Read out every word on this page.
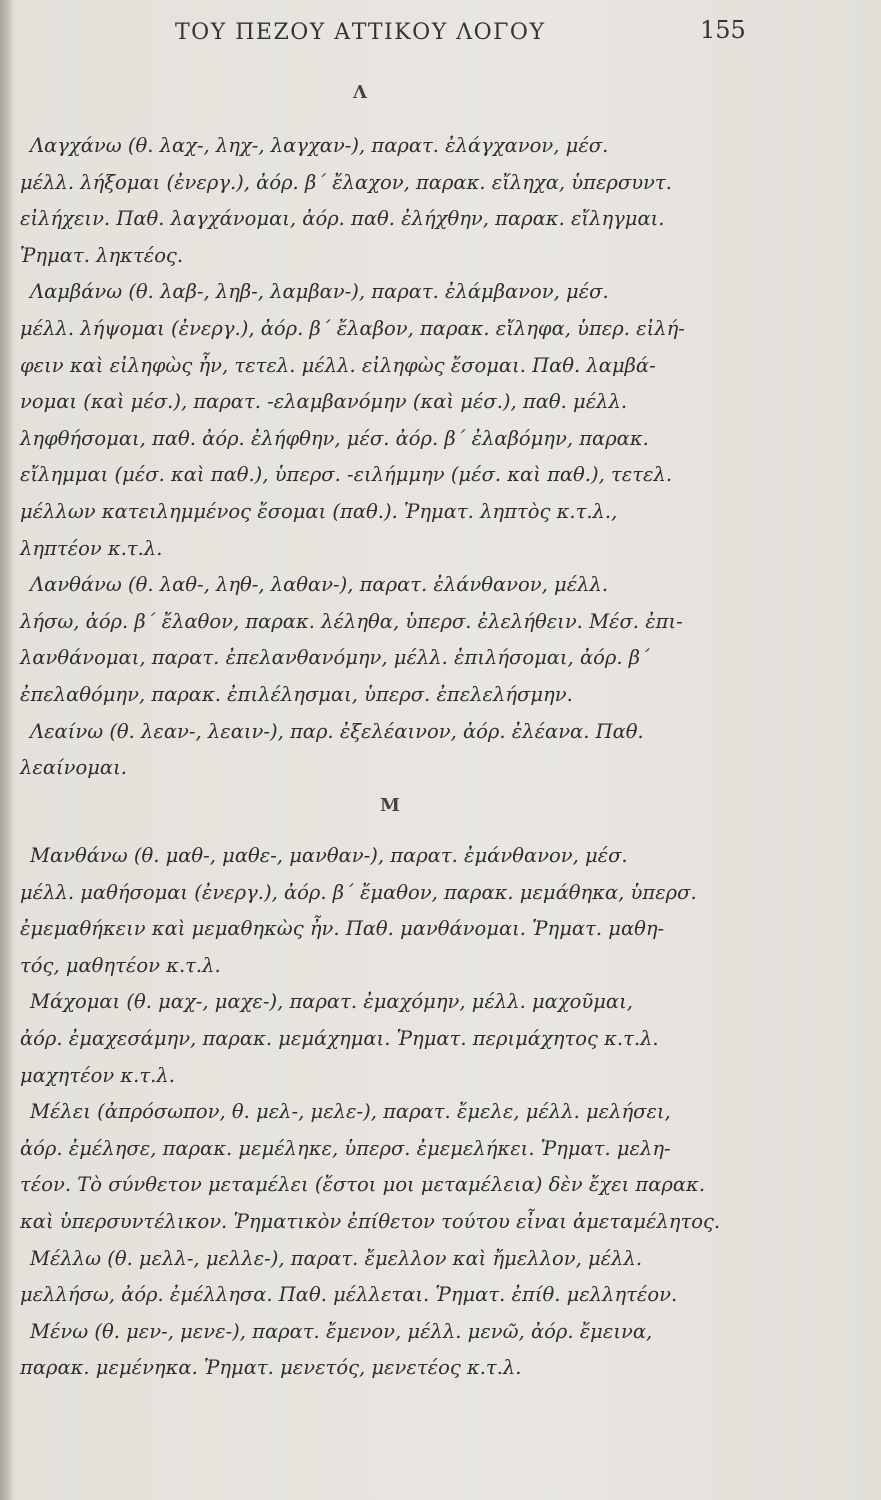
ΤΟΥ ΠΕΖΟΥ ΑΤΤΙΚΟΥ ΛΟΓΟΥ	155
Λ
Λαγχάνω (θ. λαχ-, ληχ-, λαγχαν-), παρατ. ἐλάγχανον, μέσ.
μέλλ. λήξομαι (ἐνεργ.), ἀόρ. β΄ ἔλαχον, παρακ. εἴληχα, ὑπερσυντ.
εἰλήχειν. Παθ. λαγχάνομαι, ἀόρ. παθ. ἐλήχθην, παρακ. εἴληγμαι.
Ῥηματ. ληκτέος.
Λαμβάνω (θ. λαβ-, ληβ-, λαμβαν-), παρατ. ἐλάμβανον, μέσ.
μέλλ. λήψομαι (ἐνεργ.), ἀόρ. β΄ ἔλαβον, παρακ. εἴληφα, ὑπερ. εἰλή-
φειν καὶ εἰληφὼς ἦν, τετελ. μέλλ. εἰληφὼς ἔσομαι. Παθ. λαμβά-
νομαι (καὶ μέσ.), παρατ. -ελαμβανόμην (καὶ μέσ.), παθ. μέλλ.
ληφθήσομαι, παθ. ἀόρ. ἐλήφθην, μέσ. ἀόρ. β΄ ἐλαβόμην, παρακ.
εἴλημμαι (μέσ. καὶ παθ.), ὑπερσ. -ειλήμμην (μέσ. καὶ παθ.), τετελ.
μέλλων κατειλημμένος ἔσομαι (παθ.). Ῥηματ. ληπτὸς κ.τ.λ.,
ληπτέον κ.τ.λ.
Λανθάνω (θ. λαθ-, ληθ-, λαθαν-), παρατ. ἐλάνθανον, μέλλ.
λήσω, ἀόρ. β΄ ἔλαθον, παρακ. λέληθα, ὑπερσ. ἐλελήθειν. Μέσ. ἐπι-
λανθάνομαι, παρατ. ἐπελανθανόμην, μέλλ. ἐπιλήσομαι, ἀόρ. β΄
ἐπελαθόμην, παρακ. ἐπιλέλησμαι, ὑπερσ. ἐπελελήσμην.
Λεαίνω (θ. λεαν-, λεαιν-), παρ. ἐξελέαινον, ἀόρ. ἐλέανα. Παθ.
λεαίνομαι.
Μ
Μανθάνω (θ. μαθ-, μαθε-, μανθαν-), παρατ. ἐμάνθανον, μέσ.
μέλλ. μαθήσομαι (ἐνεργ.), ἀόρ. β΄ ἔμαθον, παρακ. μεμάθηκα, ὑπερσ.
ἐμεμαθήκειν καὶ μεμαθηκὼς ἦν. Παθ. μανθάνομαι. Ῥηματ. μαθη-
τός, μαθητέον κ.τ.λ.
Μάχομαι (θ. μαχ-, μαχε-), παρατ. ἐμαχόμην, μέλλ. μαχοῦμαι,
ἀόρ. ἐμαχεσάμην, παρακ. μεμάχημαι. Ῥηματ. περιμάχητος κ.τ.λ.
μαχητέον κ.τ.λ.
Μέλει (ἀπρόσωπον, θ. μελ-, μελε-), παρατ. ἔμελε, μέλλ. μελήσει,
ἀόρ. ἐμέλησε, παρακ. μεμέληκε, ὑπερσ. ἐμεμελήκει. Ῥηματ. μελη-
τέον. Τὸ σύνθετον μεταμέλει (ἔστοι μοι μεταμέλεια) δὲν ἔχει παρακ.
καὶ ὑπερσυντέλικον. Ῥηματικὸν ἐπίθετον τούτου εἶναι ἀμεταμέλητος.
Μέλλω (θ. μελλ-, μελλε-), παρατ. ἔμελλον καὶ ἤμελλον, μέλλ.
μελλήσω, ἀόρ. ἐμέλλησα. Παθ. μέλλεται. Ῥηματ. ἐπίθ. μελλητέον.
Μένω (θ. μεν-, μενε-), παρατ. ἔμενον, μέλλ. μενῶ, ἀόρ. ἔμεινα,
παρακ. μεμένηκα. Ῥηματ. μενετός, μενετέος κ.τ.λ.
